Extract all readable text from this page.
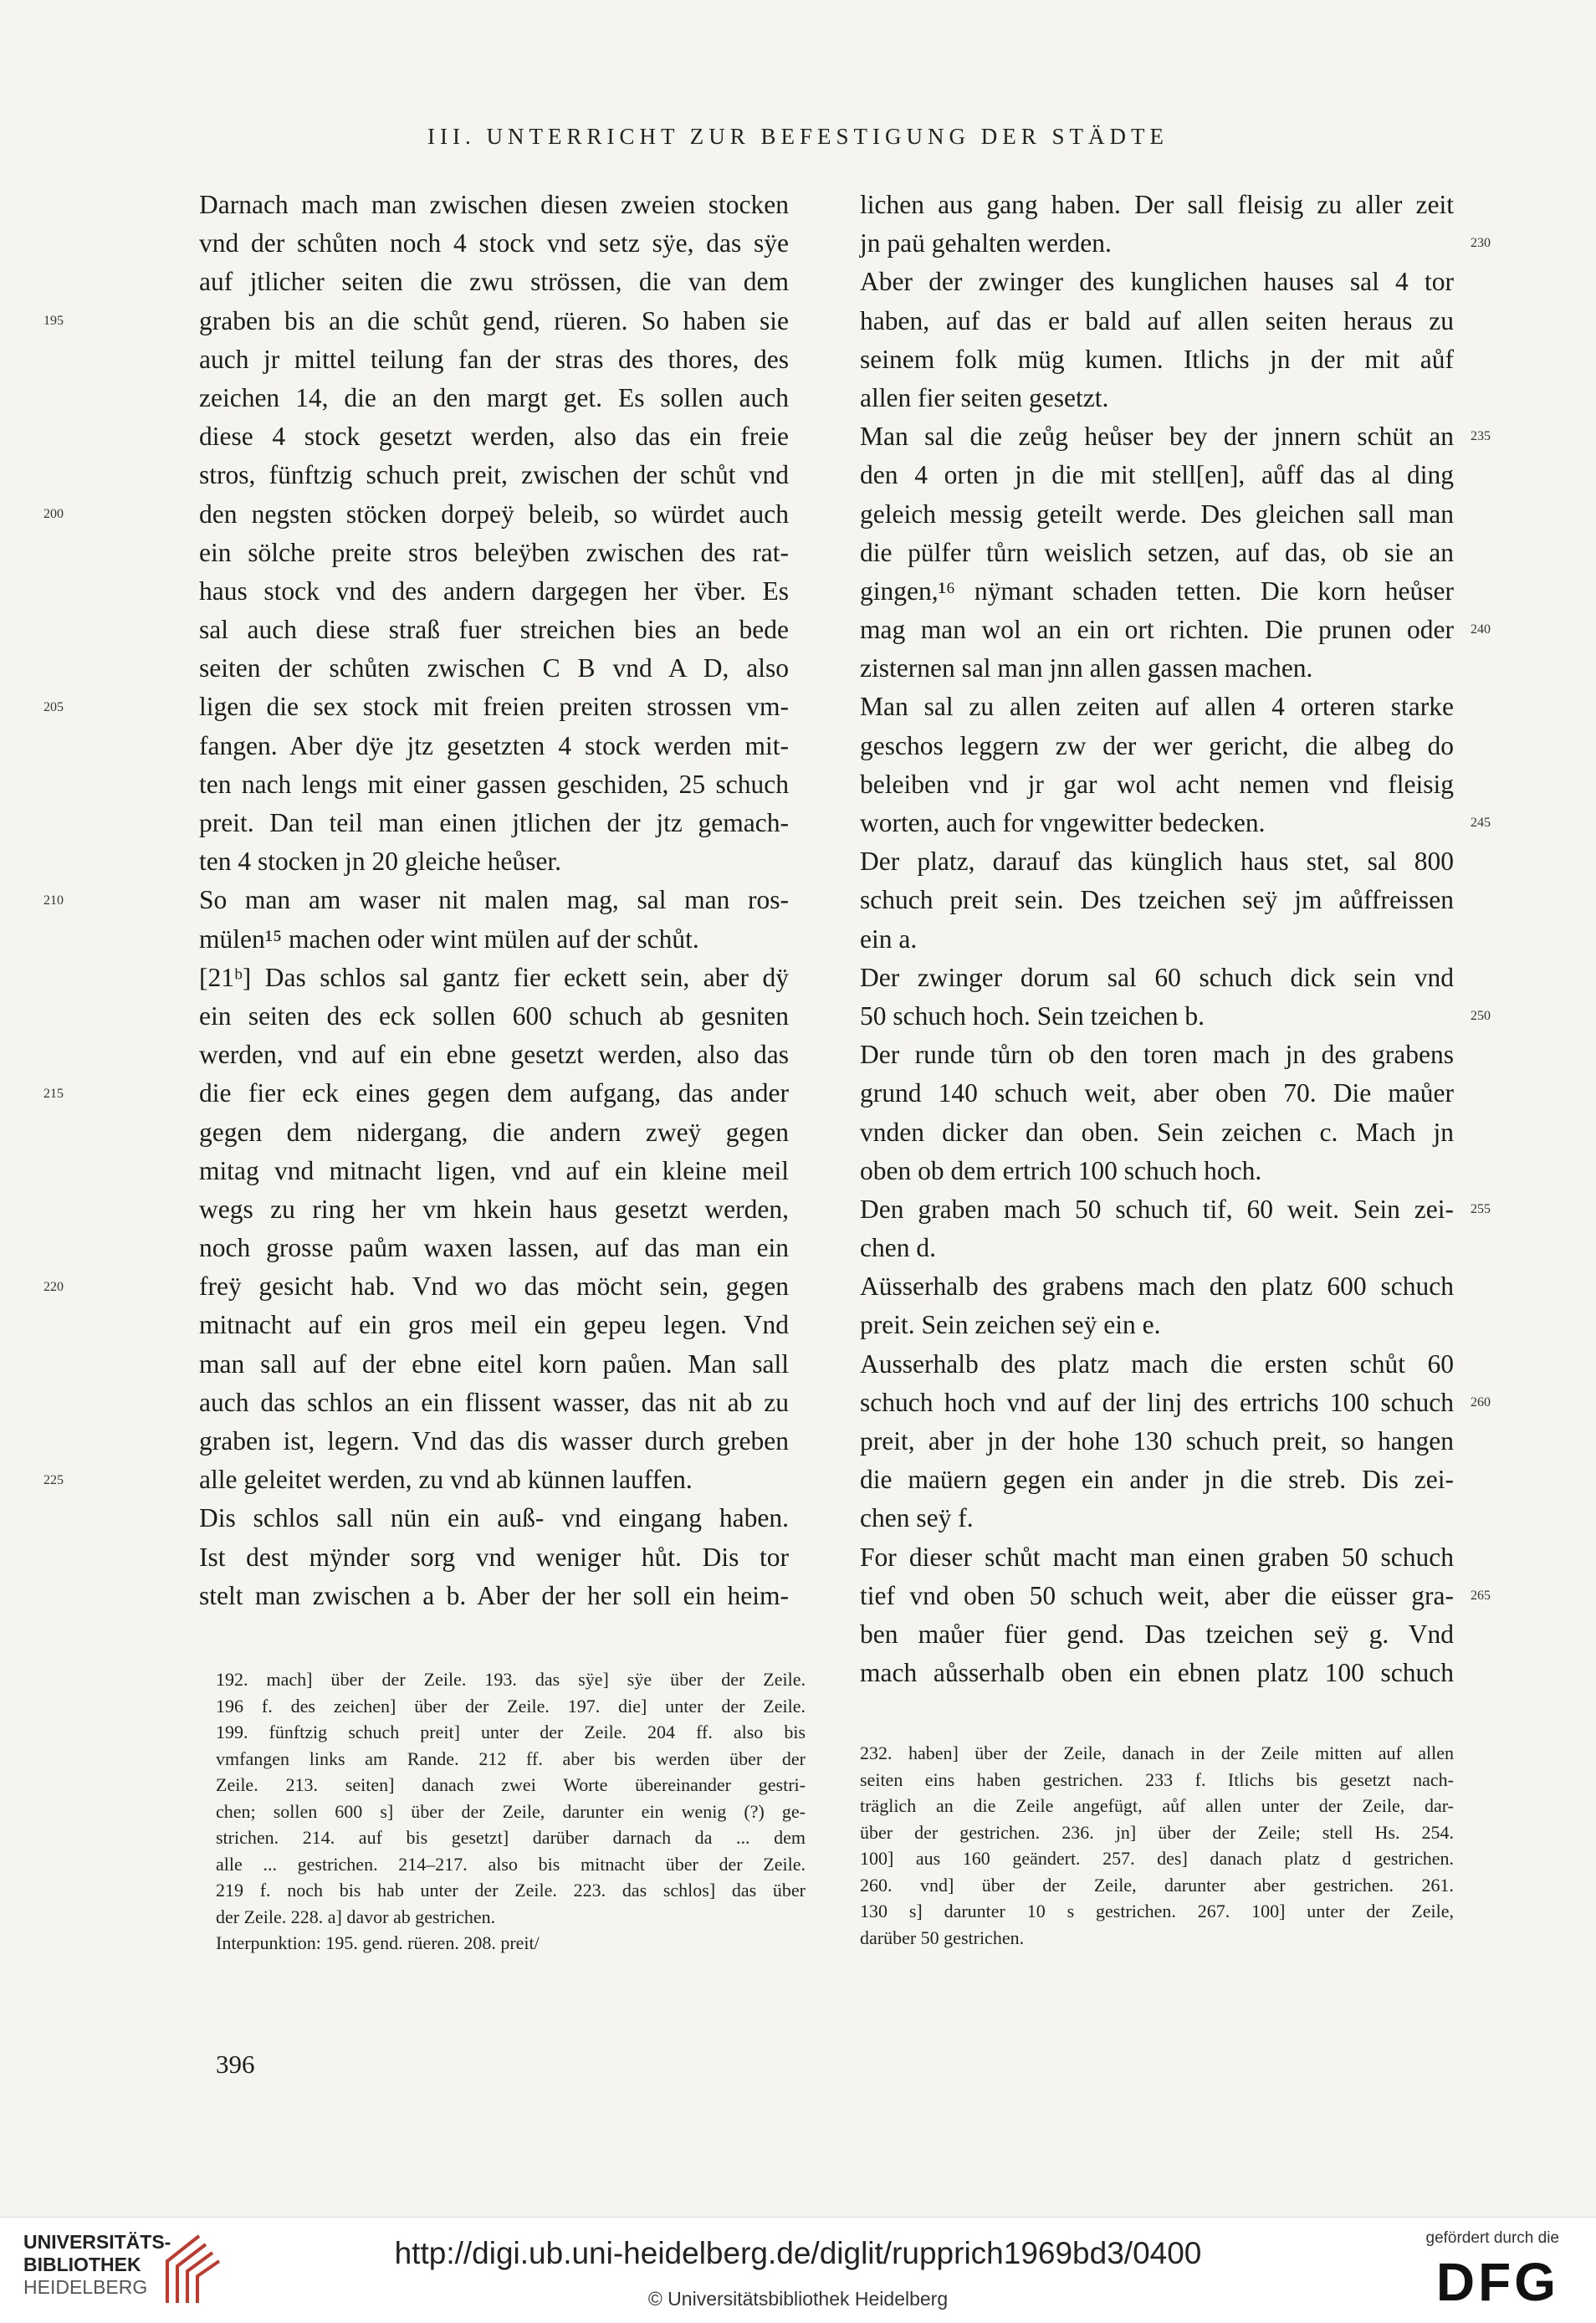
III. UNTERRICHT ZUR BEFESTIGUNG DER STÄDTE
Darnach mach man zwischen diesen zweien stocken
vnd der schůten noch 4 stock vnd setz sÿe, das sÿe
auf jtlicher seiten die zwu strössen, die van dem
graben bis an die schůt gend, rüeren. So haben sie
195
auch jr mittel teilung fan der stras des thores, des
zeichen 14, die an den margt get. Es sollen auch
diese 4 stock gesetzt werden, also das ein freie
stros, fünftzig schuch preit, zwischen der schůt vnd
den negsten stöcken dorpeÿ beleib, so würdet auch
200
ein sölche preite stros beleÿben zwischen des rat-
haus stock vnd des andern dargegen her v̈ber. Es
sal auch diese straß fuer streichen bies an bede
seiten der schůten zwischen C B vnd A D, also
ligen die sex stock mit freien preiten strossen vm-
205
fangen. Aber dÿe jtz gesetzten 4 stock werden mit-
ten nach lengs mit einer gassen geschiden, 25 schuch
preit. Dan teil man einen jtlichen der jtz gemach-
ten 4 stocken jn 20 gleiche heůser.
So man am waser nit malen mag, sal man ros-
210
mülen¹⁵ machen oder wint mülen auf der schůt.
[21ᵇ] Das schlos sal gantz fier eckett sein, aber dÿ
ein seiten des eck sollen 600 schuch ab gesniten
werden, vnd auf ein ebne gesetzt werden, also das
die fier eck eines gegen dem aufgang, das ander
215
gegen dem nidergang, die andern zweÿ gegen
mitag vnd mitnacht ligen, vnd auf ein kleine meil
wegs zu ring her vm hkein haus gesetzt werden,
noch grosse paům waxen lassen, auf das man ein
freÿ gesicht hab. Vnd wo das möcht sein, gegen
220
mitnacht auf ein gros meil ein gepeu legen. Vnd
man sall auf der ebne eitel korn paůen. Man sall
auch das schlos an ein flissent wasser, das nit ab zu
graben ist, legern. Vnd das dis wasser durch greben
alle geleitet werden, zu vnd ab künnen lauffen.
225
Dis schlos sall nün ein auß- vnd eingang haben.
Ist dest mÿnder sorg vnd weniger hůt. Dis tor
stelt man zwischen a b. Aber der her soll ein heim-
lichen aus gang haben. Der sall fleisig zu aller zeit
jn paü gehalten werden.	230
Aber der zwinger des kunglichen hauses sal 4 tor
haben, auf das er bald auf allen seiten heraus zu
seinem folk müg kumen. Itlichs jn der mit aůf
allen fier seiten gesetzt.
Man sal die zeůg heůser bey der jnnern schüt an 235
den 4 orten jn die mit stell[en], aůff das al ding
geleich messig geteilt werde. Des gleichen sall man
die pülfer tůrn weislich setzen, auf das, ob sie an
gingen,¹⁶ nÿmant schaden tetten. Die korn heůser
mag man wol an ein ort richten. Die prunen oder 240
zisternen sal man jnn allen gassen machen.
Man sal zu allen zeiten auf allen 4 orteren starke
geschos leggern zw der wer gericht, die albeg do
beleiben vnd jr gar wol acht nemen vnd fleisig
worten, auch for vngewitter bedecken.	245
Der platz, darauf das künglich haus stet, sal 800
schuch preit sein. Des tzeichen seÿ jm aůffreissen
ein a.
Der zwinger dorum sal 60 schuch dick sein vnd
50 schuch hoch. Sein tzeichen b.	250
Der runde tůrn ob den toren mach jn des grabens
grund 140 schuch weit, aber oben 70. Die maůer
vnden dicker dan oben. Sein zeichen c. Mach jn
oben ob dem ertrich 100 schuch hoch.
Den graben mach 50 schuch tif, 60 weit. Sein zei- 255
chen d.
Aüsserhalb des grabens mach den platz 600 schuch
preit. Sein zeichen seÿ ein e.
Ausserhalb des platz mach die ersten schůt 60
schuch hoch vnd auf der linj des ertrichs 100 schuch 260
preit, aber jn der hohe 130 schuch preit, so hangen
die maüern gegen ein ander jn die streb. Dis zei-
chen seÿ f.
For dieser schůt macht man einen graben 50 schuch
tief vnd oben 50 schuch weit, aber die eüsser gra- 265
ben maůer füer gend. Das tzeichen seÿ g. Vnd
mach aůsserhalb oben ein ebnen platz 100 schuch
192. mach] über der Zeile. 193. das sÿe] sÿe über der Zeile.
196 f. des zeichen] über der Zeile. 197. die] unter der Zeile.
199. fünftzig schuch preit] unter der Zeile. 204 ff. also bis
vmfangen links am Rande. 212 ff. aber bis werden über der
Zeile. 213. seiten] danach zwei Worte übereinander gestri-
chen; sollen 600 s] über der Zeile, darunter ein wenig (?) ge-
strichen. 214. auf bis gesetzt] darüber darnach da ... dem
alle ... gestrichen. 214–217. also bis mitnacht über der Zeile.
219 f. noch bis hab unter der Zeile. 223. das schlos] das über
der Zeile. 228. a] davor ab gestrichen.
Interpunktion: 195. gend. rüeren. 208. preit/
232. haben] über der Zeile, danach in der Zeile mitten auf allen
seiten eins haben gestrichen. 233 f. Itlichs bis gesetzt nach-
träglich an die Zeile angefügt, aůf allen unter der Zeile, dar-
über der gestrichen. 236. jn] über der Zeile; stell Hs. 254.
100] aus 160 geändert. 257. des] danach platz d gestrichen.
260. vnd] über der Zeile, darunter aber gestrichen. 261.
130 s] darunter 10 s gestrichen. 267. 100] unter der Zeile,
darüber 50 gestrichen.
396
UNIVERSITÄTS-
BIBLIOTHEK
HEIDELBERG
http://digi.ub.uni-heidelberg.de/diglit/rupprich1969bd3/0400
© Universitätsbibliothek Heidelberg
gefördert durch die
DFG
